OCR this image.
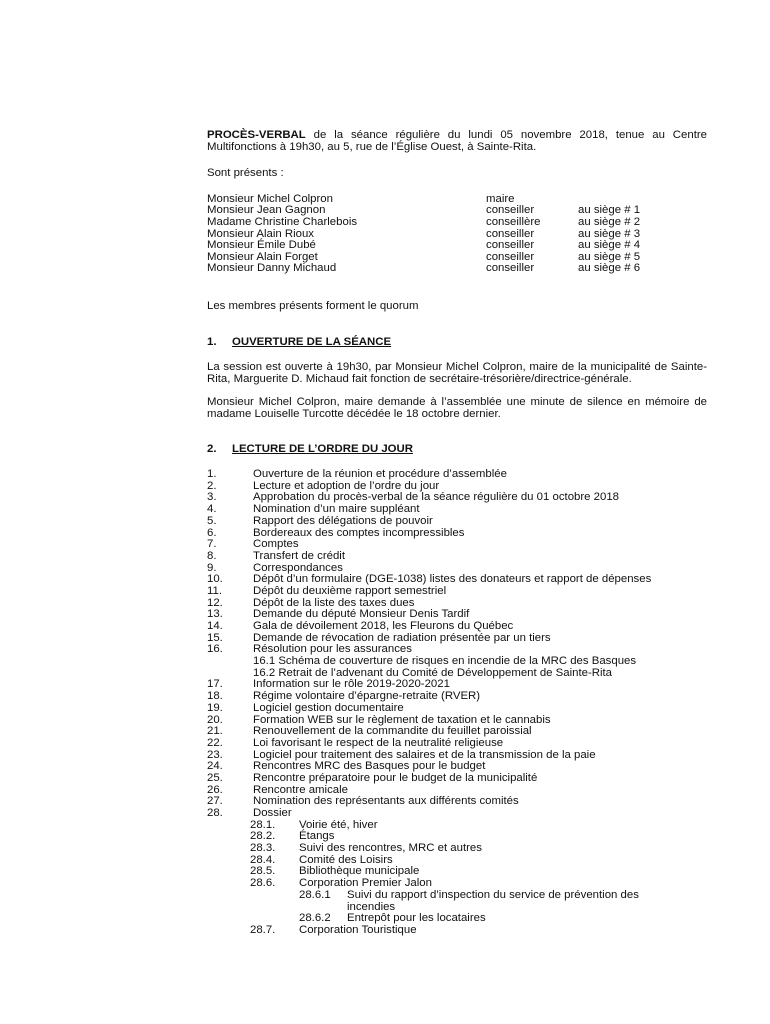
PROCÈS-VERBAL de la séance régulière du lundi 05 novembre 2018, tenue au Centre Multifonctions à 19h30, au 5, rue de l’Église Ouest, à Sainte-Rita.

Sont présents :
Monsieur Michel Colpron	maire
Monsieur Jean Gagnon	conseiller	au siège # 1
Madame Christine Charlebois	conseillère	au siège # 2
Monsieur Alain Rioux	conseiller	au siège # 3
Monsieur Émile Dubé	conseiller	au siège # 4
Monsieur Alain Forget	conseiller	au siège # 5
Monsieur Danny Michaud	conseiller	au siège # 6
Les membres présents forment le quorum
1.	OUVERTURE DE LA SÉANCE
La session est ouverte à 19h30, par Monsieur Michel Colpron, maire de la municipalité de Sainte-Rita, Marguerite D. Michaud fait fonction de secrétaire-trésorière/directrice-générale.
Monsieur Michel Colpron, maire demande à l’assemblée une minute de silence en mémoire de madame Louiselle Turcotte décédée le 18 octobre dernier.
2.	LECTURE DE L’ORDRE DU JOUR
1.	Ouverture de la réunion et procédure d’assemblée
2.	Lecture et adoption de l’ordre du jour
3.	Approbation du procès-verbal de la séance régulière du 01 octobre 2018
4.	Nomination d’un maire suppléant
5.	Rapport des délégations de pouvoir
6.	Bordereaux des comptes incompressibles
7.	Comptes
8.	Transfert de crédit
9.	Correspondances
10.	Dépôt d’un formulaire (DGE-1038) listes des donateurs et rapport de dépenses
11.	Dépôt du deuxième rapport semestriel
12.	Dépôt de la liste des taxes dues
13.	Demande du député Monsieur Denis Tardif
14.	Gala de dévoilement 2018, les Fleurons du Québec
15.	Demande de révocation de radiation présentée par un tiers
16.	Résolution pour les assurances
16.1 Schéma de couverture de risques en incendie de la MRC des Basques
16.2 Retrait de l’advenant du Comité de Développement de Sainte-Rita
17.	Information sur le rôle 2019-2020-2021
18.	Régime volontaire d’épargne-retraite (RVER)
19.	Logiciel gestion documentaire
20.	Formation WEB sur le règlement de taxation et le cannabis
21.	Renouvellement de la commandite du feuillet paroissial
22.	Loi favorisant le respect de la neutralité religieuse
23.	Logiciel pour traitement des salaires et de la transmission de la paie
24.	Rencontres MRC des Basques pour le budget
25.	Rencontre préparatoire pour le budget de la municipalité
26.	Rencontre amicale
27.	Nomination des représentants aux différents comités
28.	Dossier
28.1.	Voirie été, hiver
28.2.	Étangs
28.3.	Suivi des rencontres, MRC et autres
28.4.	Comité des Loisirs
28.5.	Bibliothèque municipale
28.6.	Corporation Premier Jalon
28.6.1	Suivi du rapport d’inspection du service de prévention des incendies
28.6.2	Entrepôt pour les locataires
28.7.	Corporation Touristique
